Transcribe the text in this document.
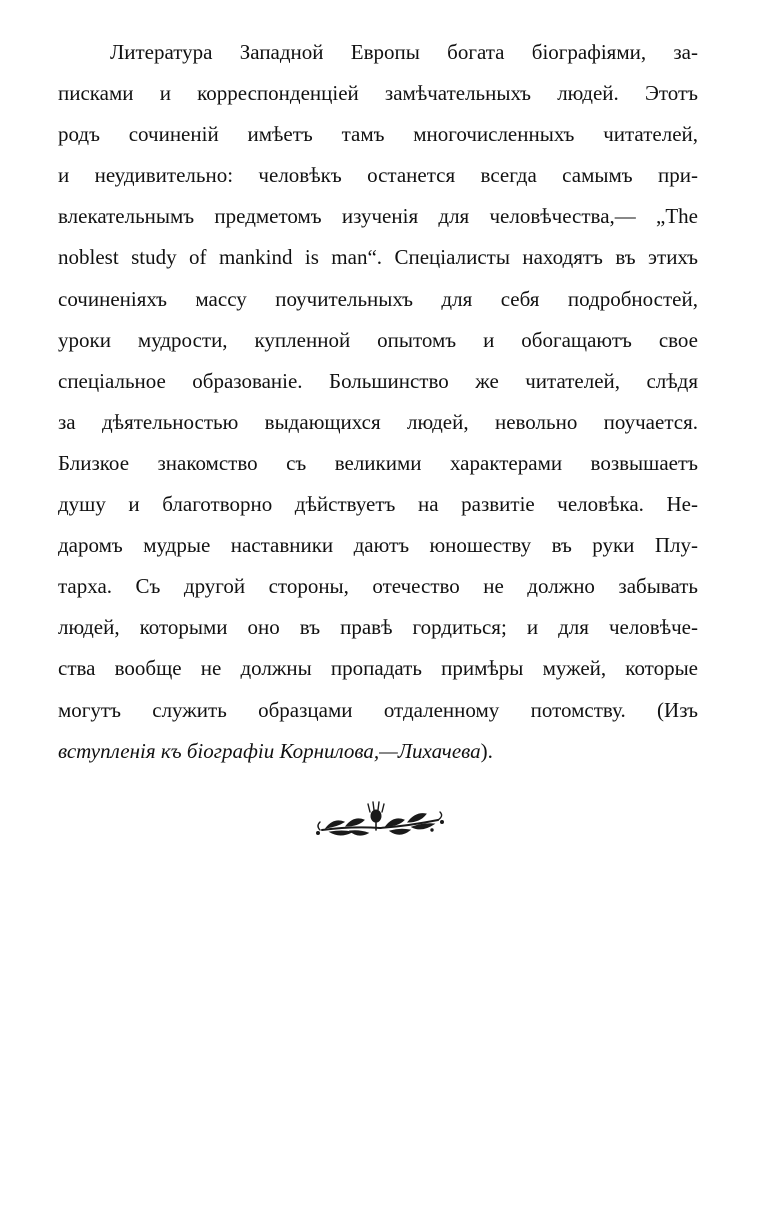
Литература Западной Европы богата біографіями, за-
писками и корреспонденціей замѣчательныхъ людей. Этотъ
родъ сочиненій имѣетъ тамъ многочисленныхъ читателей,
и неудивительно: человѣкъ останется всегда самымъ при-
влекательнымъ предметомъ изученія для человѣчества,— „The
noblest study of mankind is man“. Спеціалисты находятъ въ этихъ
сочиненіяхъ массу поучительныхъ для себя подробностей,
уроки мудрости, купленной опытомъ и обогащаютъ свое
спеціальное образованіе. Большинство же читателей, слѣдя
за дѣятельностью выдающихся людей, невольно поучается.
Близкое знакомство съ великими характерами возвышаетъ
душу и благотворно дѣйствуетъ на развитіе человѣка. Не-
даромъ мудрые наставники даютъ юношеству въ руки Плу-
тарха. Съ другой стороны, отечество не должно забывать
людей, которыми оно въ правѣ гордиться; и для человѣче-
ства вообще не должны пропадать примѣры мужей, которые
могутъ служить образцами отдаленному потомству. (Изъ
вступленія къ біографіи Корнилова,—Лихачева).
